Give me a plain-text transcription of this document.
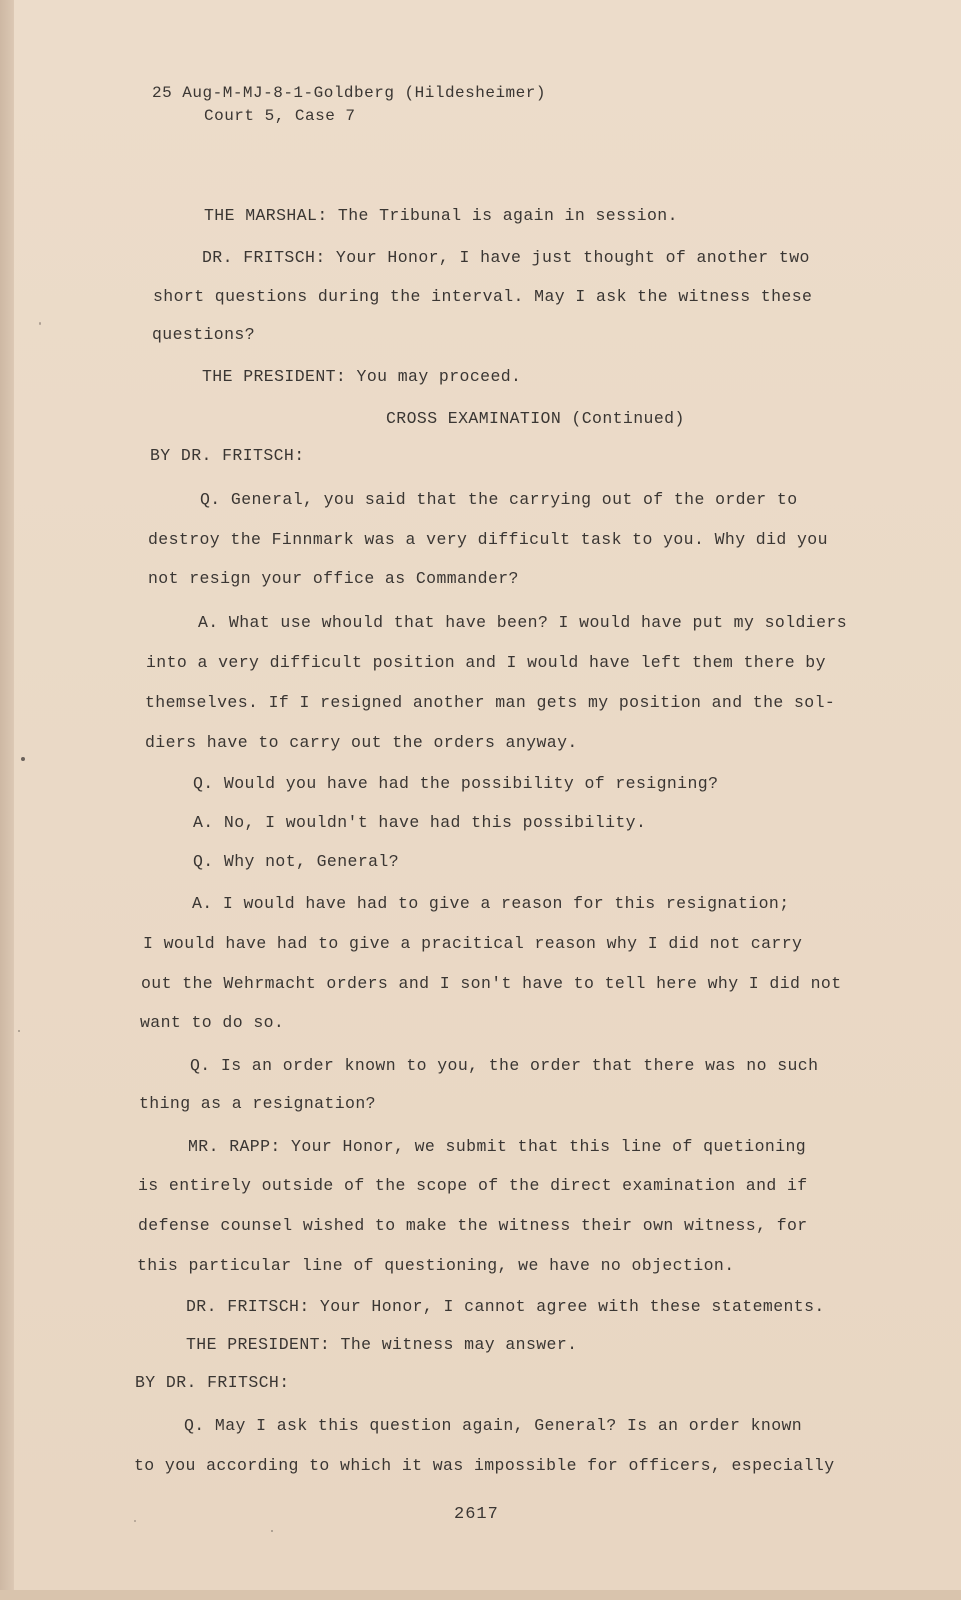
25 Aug-M-MJ-8-1-Goldberg (Hildesheimer)
Court 5, Case 7
THE MARSHAL: The Tribunal is again in session.
DR. FRITSCH: Your Honor, I have just thought of another two
short questions during the interval. May I ask the witness these
questions?
THE PRESIDENT: You may proceed.
CROSS EXAMINATION (Continued)
BY DR. FRITSCH:
Q. General, you said that the carrying out of the order to
destroy the Finnmark was a very difficult task to you. Why did you
not resign your office as Commander?
A. What use whould that have been? I would have put my soldiers
into a very difficult position and I would have left them there by
themselves. If I resigned another man gets my position and the sol-
diers have to carry out the orders anyway.
Q. Would you have had the possibility of resigning?
A. No, I wouldn't have had this possibility.
Q. Why not, General?
A. I would have had to give a reason for this resignation;
I would have had to give a pracitical reason why I did not carry
out the Wehrmacht orders and I son't have to tell here why I did not
want to do so.
Q. Is an order known to you, the order that there was no such
thing as a resignation?
MR. RAPP: Your Honor, we submit that this line of quetioning
is entirely outside of the scope of the direct examination and if
defense counsel wished to make the witness their own witness, for
this particular line of questioning, we have no objection.
DR. FRITSCH: Your Honor, I cannot agree with these statements.
THE PRESIDENT: The witness may answer.
BY DR. FRITSCH:
Q. May I ask this question again, General? Is an order known
to you according to which it was impossible for officers, especially
2617
